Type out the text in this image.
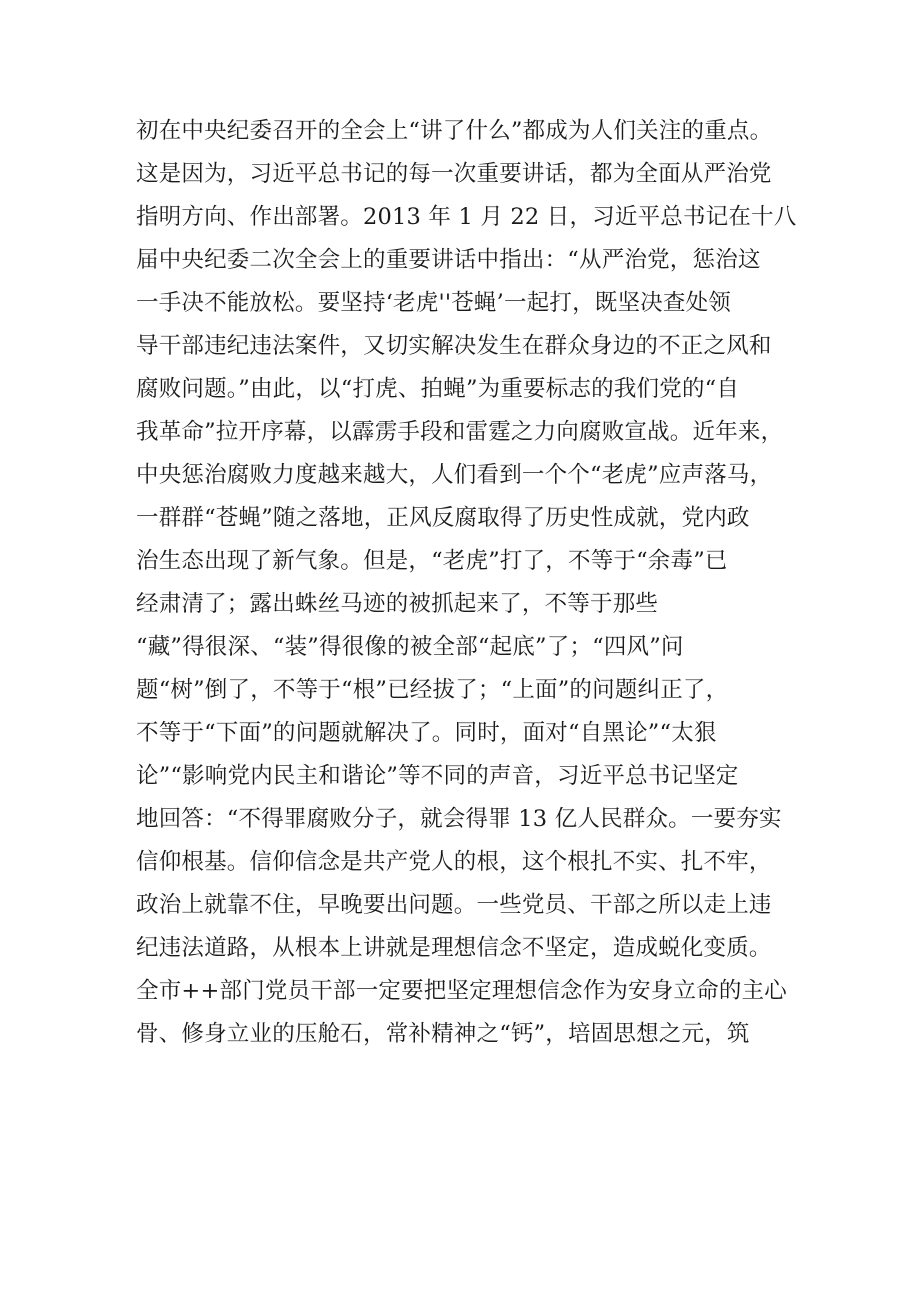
初在中央纪委召开的全会上“讲了什么”都成为人们关注的重点。
这是因为，习近平总书记的每一次重要讲话，都为全面从严治党
指明方向、作出部署。2013 年 1 月 22 日，习近平总书记在十八
届中央纪委二次全会上的重要讲话中指出：“从严治党，惩治这
一手决不能放松。要坚持‘老虎''苍蝇’一起打，既坚决查处领
导干部违纪违法案件，又切实解决发生在群众身边的不正之风和
腐败问题。”由此，以“打虎、拍蝇”为重要标志的我们党的“自
我革命”拉开序幕，以霹雳手段和雷霆之力向腐败宣战。近年来，
中央惩治腐败力度越来越大，人们看到一个个“老虎”应声落马，
一群群“苍蝇”随之落地，正风反腐取得了历史性成就，党内政
治生态出现了新气象。但是，“老虎”打了，不等于“余毒”已
经肃清了；露出蛛丝马迹的被抓起来了，不等于那些
“藏”得很深、“装”得很像的被全部“起底”了；“四风”问
题“树”倒了，不等于“根”已经拔了；“上面”的问题纠正了，
不等于“下面”的问题就解决了。同时，面对“自黑论”“太狠
论”“影响党内民主和谐论”等不同的声音，习近平总书记坚定
地回答：“不得罪腐败分子，就会得罪 13 亿人民群众。一要夯实
信仰根基。信仰信念是共产党人的根，这个根扎不实、扎不牢，
政治上就靠不住，早晚要出问题。一些党员、干部之所以走上违
纪违法道路，从根本上讲就是理想信念不坚定，造成蜕化变质。
全市++部门党员干部一定要把坚定理想信念作为安身立命的主心
骨、修身立业的压舱石，常补精神之“钙”，培固思想之元，筑
